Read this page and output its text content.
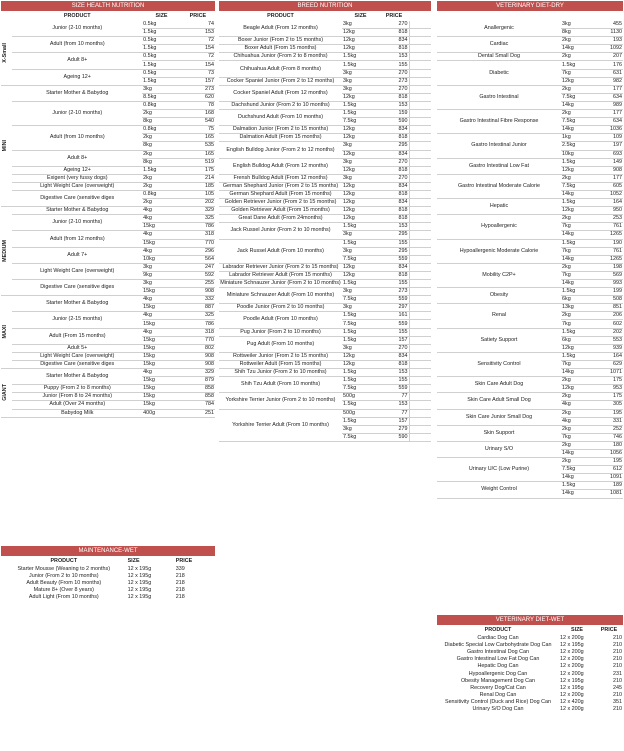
SIZE HEALTH NUTRITION
	PRODUCT	SIZE	PRICE

X-Small	Junior (2-10 months)	0.5kg	74
		1.5kg	153
	Adult (from 10 months)	0.5kg	72
		1.5kg	154
	Adult 8+	0.5kg	72
		1.5kg	154
	Ageing 12+	0.5kg	73
		1.5kg	157

MINI	Starter Mother & Babydog	3kg	273
		8.5kg	620
	Junior (2-10 months)	0.8kg	78
		2kg	168
		8kg	540
	Adult (from 10 months)	0.8kg	75
		2kg	165
		8kg	535
	Adult 8+	2kg	165
		8kg	519
	Ageing 12+	1.5kg	175
	Exigent (very fussy dogs)	2kg	214
	Light Weight Care (overweight)	2kg	185
	Digestive Care (sensitive diges	0.8kg	105
		2kg	202

MEDIUM	Starter Mother & Babydog	4kg	329
	Junior (2-10 months)	4kg	325
		15kg	786
	Adult (from 12 months)	4kg	318
		15kg	770
	Adult 7+	4kg	296
		10kg	564
	Light Weight Care (overweight)	3kg	247
		9kg	592
	Digestive Care (sensitive diges	3kg	255
		15kg	908

MAXI	Starter Mother & Babydog	4kg	332
		15kg	887
	Junior (2-15 months)	4kg	325
		15kg	786
	Adult (From 15 months)	4kg	318
		15kg	770
	Adult 5+	15kg	802
	Light Weight Care (overweight)	15kg	908
	Digestive Care (sensitive diges	15kg	908

GIANT	Starter Mother & Babydog	4kg	329
		15kg	879
	Puppy (From 2 to 8 months)	15kg	858
	Junior (From 8 to 24 months)	15kg	858
	Adult (Over 24 months)	15kg	784
	Babydog Milk	400g	251
MAINTENANCE-WET
PRODUCT	SIZE	PRICE
Starter Mousse (Weaning to 2 months)	12 x 195g	339
Junior (From 2 to 10 months)	12 x 195g	218
Adult Beauty (From 10 months)	12 x 195g	218
Mature 8+ (Over 8 years)	12 x 195g	218
Adult Light (From 10 months)	12 x 195g	218
BREED NUTRITION
PRODUCT	SIZE	PRICE	
Beagle Adult (From 12 months)	3kg	270	
	12kg	818	
Boxer Junior (From 2 to 15 months)	12kg	834	
Boxer Adult (From 15 months)	12kg	818	
Chihuahua Junior (From 2 to 8 months)	1.5kg	153	
Chihuahua Adult (From 8 months)	1.5kg	155	
	3kg	270	
Cocker Spaniel Junior (From 2 to 12 months)	3kg	273	
Cocker Spaniel Adult (From 12 months)	3kg	270	
	12kg	818	
Dachshund Junior (From 2 to 10 months)	1.5kg	153	
Duchshund Adult (From 10 months)	1.5kg	159	
	7.5kg	590	
Dalmation Junior (From 2 to 15 months)	12kg	834	
Dalmation Adult (From 15 months)	12kg	818	
English Bulldog Junior (From 2 to 12 months)	3kg	295	
	12kg	834	
English Bulldog Adult (From 12 months)	3kg	270	
	12kg	818	
Frensh Bulldog Adult (From 12 months)	3kg	270	
German Shephard Junior (From 2 to 15 months)	12kg	834	
German Shephard Adult (From 15 months)	12kg	818	
Golden Retriever Junior (From 2 to 15 months)	12kg	834	
Golden Retriever Adult (From 15 months)	12kg	818	
Great Dane Adult (From 24months)	12kg	818	
Jack Russel Junior (From 2 to 10 months)	1.5kg	153	
	3kg	295	
Jack Russel Adult (From 10 months)	1.5kg	155	
	3kg	295	
	7.5kg	559	
Labrador Retriever Junior (From 2 to 15 months)	12kg	834	
Labrador Retriever Adult (From 15 months)	12kg	818	
Miniature Schnauzer Junior (From 2 to 10 months)	1.5kg	155	
Miniature Schnauzer Adult (From 10 months)	3kg	273	
	7.5kg	559	
Poodle Junior (From 2 to 10 months)	3kg	297	
Poodle Adult (From 10 months)	1.5kg	161	
	7.5kg	559	
Pug Junior (From 2 to 10 months)	1.5kg	155	
Pug Adult (From 10 months)	1.5kg	157	
	3kg	270	
Rottweiler Junior (From 2 to 15 months)	12kg	834	
Rottweiler Adult (From 15 months)	12kg	818	
Shih Tzu Junior (From 2 to 10 months)	1.5kg	153	
Shih Tzu Adult (From 10 months)	1.5kg	155	
	7.5kg	559	
Yorkshire Terrier Junior (From 2 to 10 months)	500g	77	
	1.5kg	153	
Yorkshire Terrier Adult (From 10 months)	500g	77	
	1.5kg	157	
	3kg	279	
	7.5kg	590	
VETERINARY DIET-DRY

Anallergenic	3kg	455
	8kg	1130
Cardiac	2kg	193
	14kg	1092
Dental Small Dog	2kg	207
Diabetic	1.5kg	176
	7kg	631
	12kg	982
Gastro Intestinal	2kg	177
	7.5kg	634
	14kg	989
Gastro Intestinal Fibre Response	2kg	177
	7.5kg	634
	14kg	1036
Gastro Intestinal Junior	1kg	109
	2.5kg	197
	10kg	693
Gastro Intestinal Low Fat	1.5kg	149
	12kg	908
Gastro Intestinal Moderate Calorie	2kg	177
	7.5kg	605
	14kg	1052
Hepatic	1.5kg	164
	12kg	950
Hypoallergenic	2kg	253
	7kg	761
	14kg	1265
Hypoallergenic Moderate Calorie	1.5kg	190
	7kg	761
	14kg	1265
Mobility C2P+	2kg	198
	7kg	569
	14kg	993
Obesity	1.5kg	199
	6kg	508
Renal	13kg	851
	2kg	206
	7kg	602
Satiety Support	1.5kg	202
	6kg	553
	12kg	939
Sensitivity Control	1.5kg	164
	7kg	629
	14kg	1071
Skin Care Adult Dog	2kg	175
	12kg	953
Skin Care Adult Small Dog	2kg	175
	4kg	305
Skin Care Junior Small Dog	2kg	195
	4kg	331
Skin Support	2kg	252
	7kg	746
Urinary S/O	2kg	180
	14kg	1056
Urinary U/C (Low Purine)	2kg	195
	7.5kg	612
	14kg	1091
Weight Control	1.5kg	189
	14kg	1081
VETERINARY DIET-WET
PRODUCT	SIZE	PRICE
Cardiac Dog Can	12 x 200g	210
Diabetic Special Low Carbohydrate Dog Can	12 x 195g	210
Gastro Intestinal Dog Can	12 x 200g	210
Gastro Intestinal Low Fat Dog Can	12 x 200g	210
Hepatic Dog Can	12 x 200g	210
Hypoallergenic Dog Can	12 x 200g	231
Obesity Management Dog Can	12 x 195g	210
Recovery Dog/Cat Can	12 x 195g	245
Renal Dog Can	12 x 200g	210
Sensitivity Control (Duck and Rice) Dog Can	12 x 420g	351
Urinary S/O Dog Can	12 x 200g	210
